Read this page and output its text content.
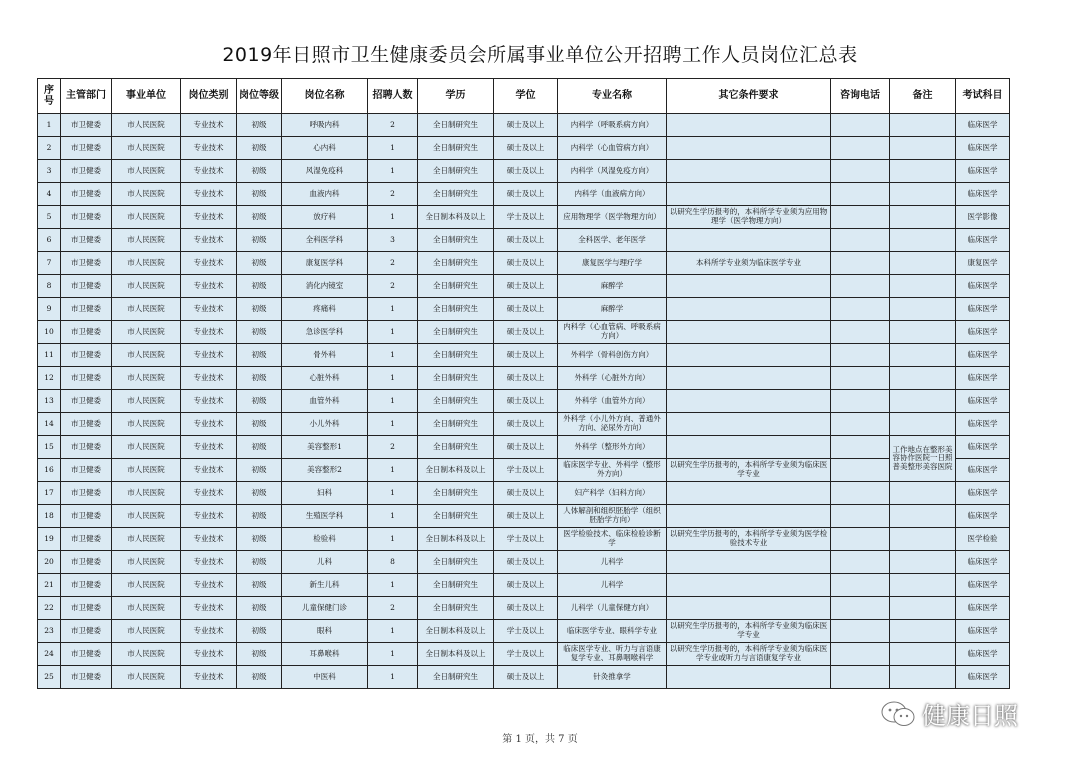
2019年日照市卫生健康委员会所属事业单位公开招聘工作人员岗位汇总表
序号	主管部门	事业单位	岗位类别	岗位等级	岗位名称	招聘人数	学历	学位	专业名称	其它条件要求	咨询电话	备注	考试科目
1	市卫健委	市人民医院	专业技术	初级	呼吸内科	2	全日制研究生	硕士及以上	内科学（呼吸系病方向）				临床医学
2	市卫健委	市人民医院	专业技术	初级	心内科	1	全日制研究生	硕士及以上	内科学（心血管病方向）				临床医学
3	市卫健委	市人民医院	专业技术	初级	风湿免疫科	1	全日制研究生	硕士及以上	内科学（风湿免疫方向）				临床医学
4	市卫健委	市人民医院	专业技术	初级	血液内科	2	全日制研究生	硕士及以上	内科学（血液病方向）				临床医学
5	市卫健委	市人民医院	专业技术	初级	放疗科	1	全日制本科及以上	学士及以上	应用物理学（医学物理方向）	以研究生学历报考的，本科所学专业须为应用物理学（医学物理方向）			医学影像
6	市卫健委	市人民医院	专业技术	初级	全科医学科	3	全日制研究生	硕士及以上	全科医学、老年医学				临床医学
7	市卫健委	市人民医院	专业技术	初级	康复医学科	2	全日制研究生	硕士及以上	康复医学与理疗学	本科所学专业须为临床医学专业			康复医学
8	市卫健委	市人民医院	专业技术	初级	消化内镜室	2	全日制研究生	硕士及以上	麻醉学				临床医学
9	市卫健委	市人民医院	专业技术	初级	疼痛科	1	全日制研究生	硕士及以上	麻醉学				临床医学
10	市卫健委	市人民医院	专业技术	初级	急诊医学科	1	全日制研究生	硕士及以上	内科学（心血管病、呼吸系病方向）				临床医学
11	市卫健委	市人民医院	专业技术	初级	骨外科	1	全日制研究生	硕士及以上	外科学（骨科创伤方向）				临床医学
12	市卫健委	市人民医院	专业技术	初级	心脏外科	1	全日制研究生	硕士及以上	外科学（心脏外方向）				临床医学
13	市卫健委	市人民医院	专业技术	初级	血管外科	1	全日制研究生	硕士及以上	外科学（血管外方向）				临床医学
14	市卫健委	市人民医院	专业技术	初级	小儿外科	1	全日制研究生	硕士及以上	外科学（小儿外方向、普通外方向、泌尿外方向）				临床医学
15	市卫健委	市人民医院	专业技术	初级	美容整形1	2	全日制研究生	硕士及以上	外科学（整形外方向）			工作地点在整形美容协作医院一日照普美整形美容医院	临床医学
16	市卫健委	市人民医院	专业技术	初级	美容整形2	1	全日制本科及以上	学士及以上	临床医学专业、外科学（整形外方向）	以研究生学历报考的，本科所学专业须为临床医学专业			临床医学
17	市卫健委	市人民医院	专业技术	初级	妇科	1	全日制研究生	硕士及以上	妇产科学（妇科方向）				临床医学
18	市卫健委	市人民医院	专业技术	初级	生殖医学科	1	全日制研究生	硕士及以上	人体解剖和组织胚胎学（组织胚胎学方向）				临床医学
19	市卫健委	市人民医院	专业技术	初级	检验科	1	全日制本科及以上	学士及以上	医学检验技术、临床检验诊断学	以研究生学历报考的，本科所学专业须为医学检验技术专业			医学检验
20	市卫健委	市人民医院	专业技术	初级	儿科	8	全日制研究生	硕士及以上	儿科学				临床医学
21	市卫健委	市人民医院	专业技术	初级	新生儿科	1	全日制研究生	硕士及以上	儿科学				临床医学
22	市卫健委	市人民医院	专业技术	初级	儿童保健门诊	2	全日制研究生	硕士及以上	儿科学（儿童保健方向）				临床医学
23	市卫健委	市人民医院	专业技术	初级	眼科	1	全日制本科及以上	学士及以上	临床医学专业、眼科学专业	以研究生学历报考的，本科所学专业须为临床医学专业			临床医学
24	市卫健委	市人民医院	专业技术	初级	耳鼻喉科	1	全日制本科及以上	学士及以上	临床医学专业、听力与言语康复学专业、耳鼻咽喉科学	以研究生学历报考的，本科所学专业须为临床医学专业或听力与言语康复学专业			临床医学
25	市卫健委	市人民医院	专业技术	初级	中医科	1	全日制研究生	硕士及以上	针灸推拿学				临床医学
第 1 页，共 7 页
健康日照
